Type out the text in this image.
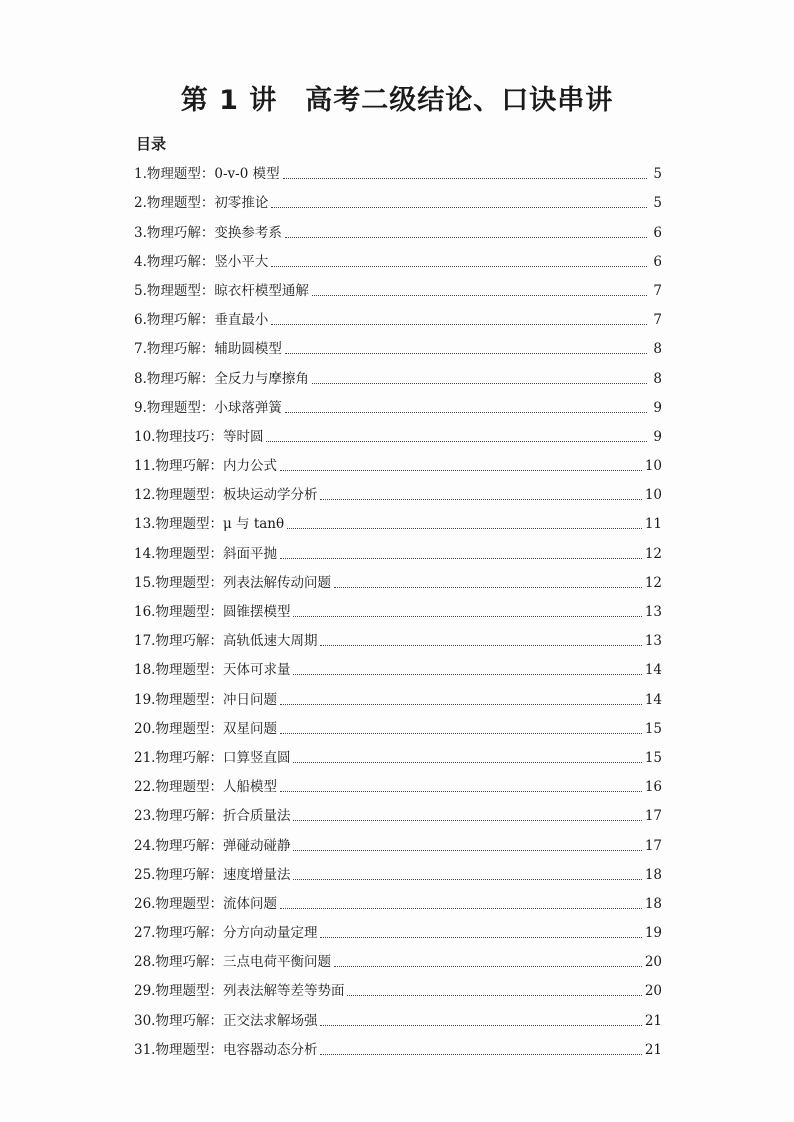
第 1 讲　高考二级结论、口诀串讲
目录
1.物理题型：0-v-0 模型	5
2.物理题型：初零推论	5
3.物理巧解：变换参考系	6
4.物理巧解：竖小平大	6
5.物理题型：晾衣杆模型通解	7
6.物理巧解：垂直最小	7
7.物理巧解：辅助圆模型	8
8.物理巧解：全反力与摩擦角	8
9.物理题型：小球落弹簧	9
10.物理技巧：等时圆	9
11.物理巧解：内力公式	10
12.物理题型：板块运动学分析	10
13.物理题型：μ 与 tanθ	11
14.物理题型：斜面平抛	12
15.物理题型：列表法解传动问题	12
16.物理题型：圆锥摆模型	13
17.物理巧解：高轨低速大周期	13
18.物理题型：天体可求量	14
19.物理题型：冲日问题	14
20.物理题型：双星问题	15
21.物理巧解：口算竖直圆	15
22.物理题型：人船模型	16
23.物理巧解：折合质量法	17
24.物理巧解：弹碰动碰静	17
25.物理巧解：速度增量法	18
26.物理题型：流体问题	18
27.物理巧解：分方向动量定理	19
28.物理巧解：三点电荷平衡问题	20
29.物理题型：列表法解等差等势面	20
30.物理巧解：正交法求解场强	21
31.物理题型：电容器动态分析	21
